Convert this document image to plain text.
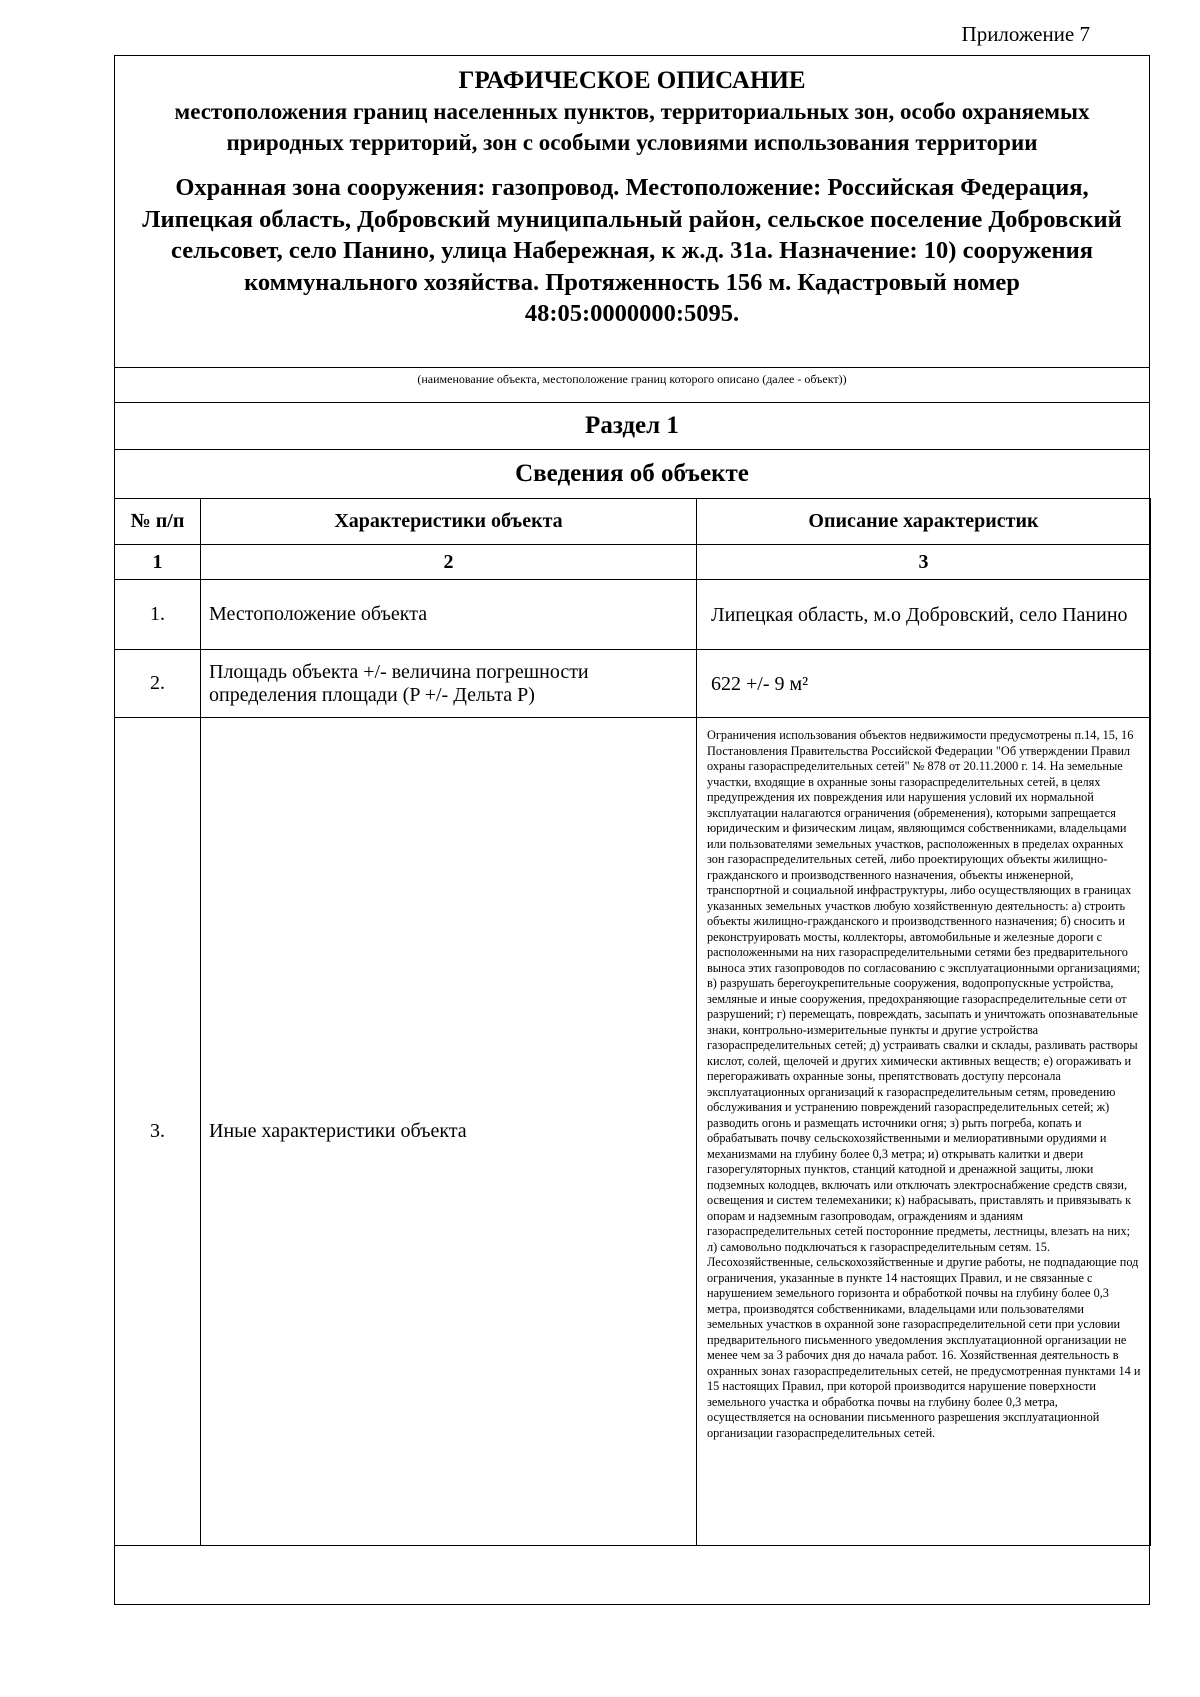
Приложение 7
ГРАФИЧЕСКОЕ ОПИСАНИЕ
местоположения границ населенных пунктов, территориальных зон, особо охраняемых природных территорий, зон с особыми условиями использования территории
Охранная зона сооружения: газопровод. Местоположение: Российская Федерация, Липецкая область, Добровский муниципальный район, сельское поселение Добровский сельсовет, село Панино, улица Набережная, к ж.д. 31а. Назначение: 10) сооружения коммунального хозяйства. Протяженность 156 м. Кадастровый номер 48:05:0000000:5095.
(наименование объекта, местоположение границ которого описано (далее - объект))
Раздел 1
Сведения об объекте
№ п/п	Характеристики объекта	Описание характеристик
1	2	3
1.	Местоположение объекта	Липецкая область, м.о Добровский, село Панино
2.	Площадь объекта +/- величина погрешности определения площади (P +/- Дельта P)	622 +/- 9 м²
3.	Иные характеристики объекта	Ограничения использования объектов недвижимости предусмотрены п.14, 15, 16 Постановления Правительства Российской Федерации "Об утверждении Правил охраны газораспределительных сетей" № 878 от 20.11.2000 г. 14. На земельные участки, входящие в охранные зоны газораспределительных сетей, в целях предупреждения их повреждения или нарушения условий их нормальной эксплуатации налагаются ограничения (обременения), которыми запрещается юридическим и физическим лицам, являющимся собственниками, владельцами или пользователями земельных участков, расположенных в пределах охранных зон газораспределительных сетей, либо проектирующих объекты жилищно-гражданского и производственного назначения, объекты инженерной, транспортной и социальной инфраструктуры, либо осуществляющих в границах указанных земельных участков любую хозяйственную деятельность: а) строить объекты жилищно-гражданского и производственного назначения; б) сносить и реконструировать мосты, коллекторы, автомобильные и железные дороги с расположенными на них газораспределительными сетями без предварительного выноса этих газопроводов по согласованию с эксплуатационными организациями; в) разрушать берегоукрепительные сооружения, водопропускные устройства, земляные и иные сооружения, предохраняющие газораспределительные сети от разрушений; г) перемещать, повреждать, засыпать и уничтожать опознавательные знаки, контрольно-измерительные пункты и другие устройства газораспределительных сетей; д) устраивать свалки и склады, разливать растворы кислот, солей, щелочей и других химически активных веществ; е) огораживать и перегораживать охранные зоны, препятствовать доступу персонала эксплуатационных организаций к газораспределительным сетям, проведению обслуживания и устранению повреждений газораспределительных сетей; ж) разводить огонь и размещать источники огня; з) рыть погреба, копать и обрабатывать почву сельскохозяйственными и мелиоративными орудиями и механизмами на глубину более 0,3 метра; и) открывать калитки и двери газорегуляторных пунктов, станций катодной и дренажной защиты, люки подземных колодцев, включать или отключать электроснабжение средств связи, освещения и систем телемеханики; к) набрасывать, приставлять и привязывать к опорам и надземным газопроводам, ограждениям и зданиям газораспределительных сетей посторонние предметы, лестницы, влезать на них; л) самовольно подключаться к газораспределительным сетям. 15. Лесохозяйственные, сельскохозяйственные и другие работы, не подпадающие под ограничения, указанные в пункте 14 настоящих Правил, и не связанные с нарушением земельного горизонта и обработкой почвы на глубину более 0,3 метра, производятся собственниками, владельцами или пользователями земельных участков в охранной зоне газораспределительной сети при условии предварительного письменного уведомления эксплуатационной организации не менее чем за 3 рабочих дня до начала работ. 16. Хозяйственная деятельность в охранных зонах газораспределительных сетей, не предусмотренная пунктами 14 и 15 настоящих Правил, при которой производится нарушение поверхности земельного участка и обработка почвы на глубину более 0,3 метра, осуществляется на основании письменного разрешения эксплуатационной организации газораспределительных сетей.
